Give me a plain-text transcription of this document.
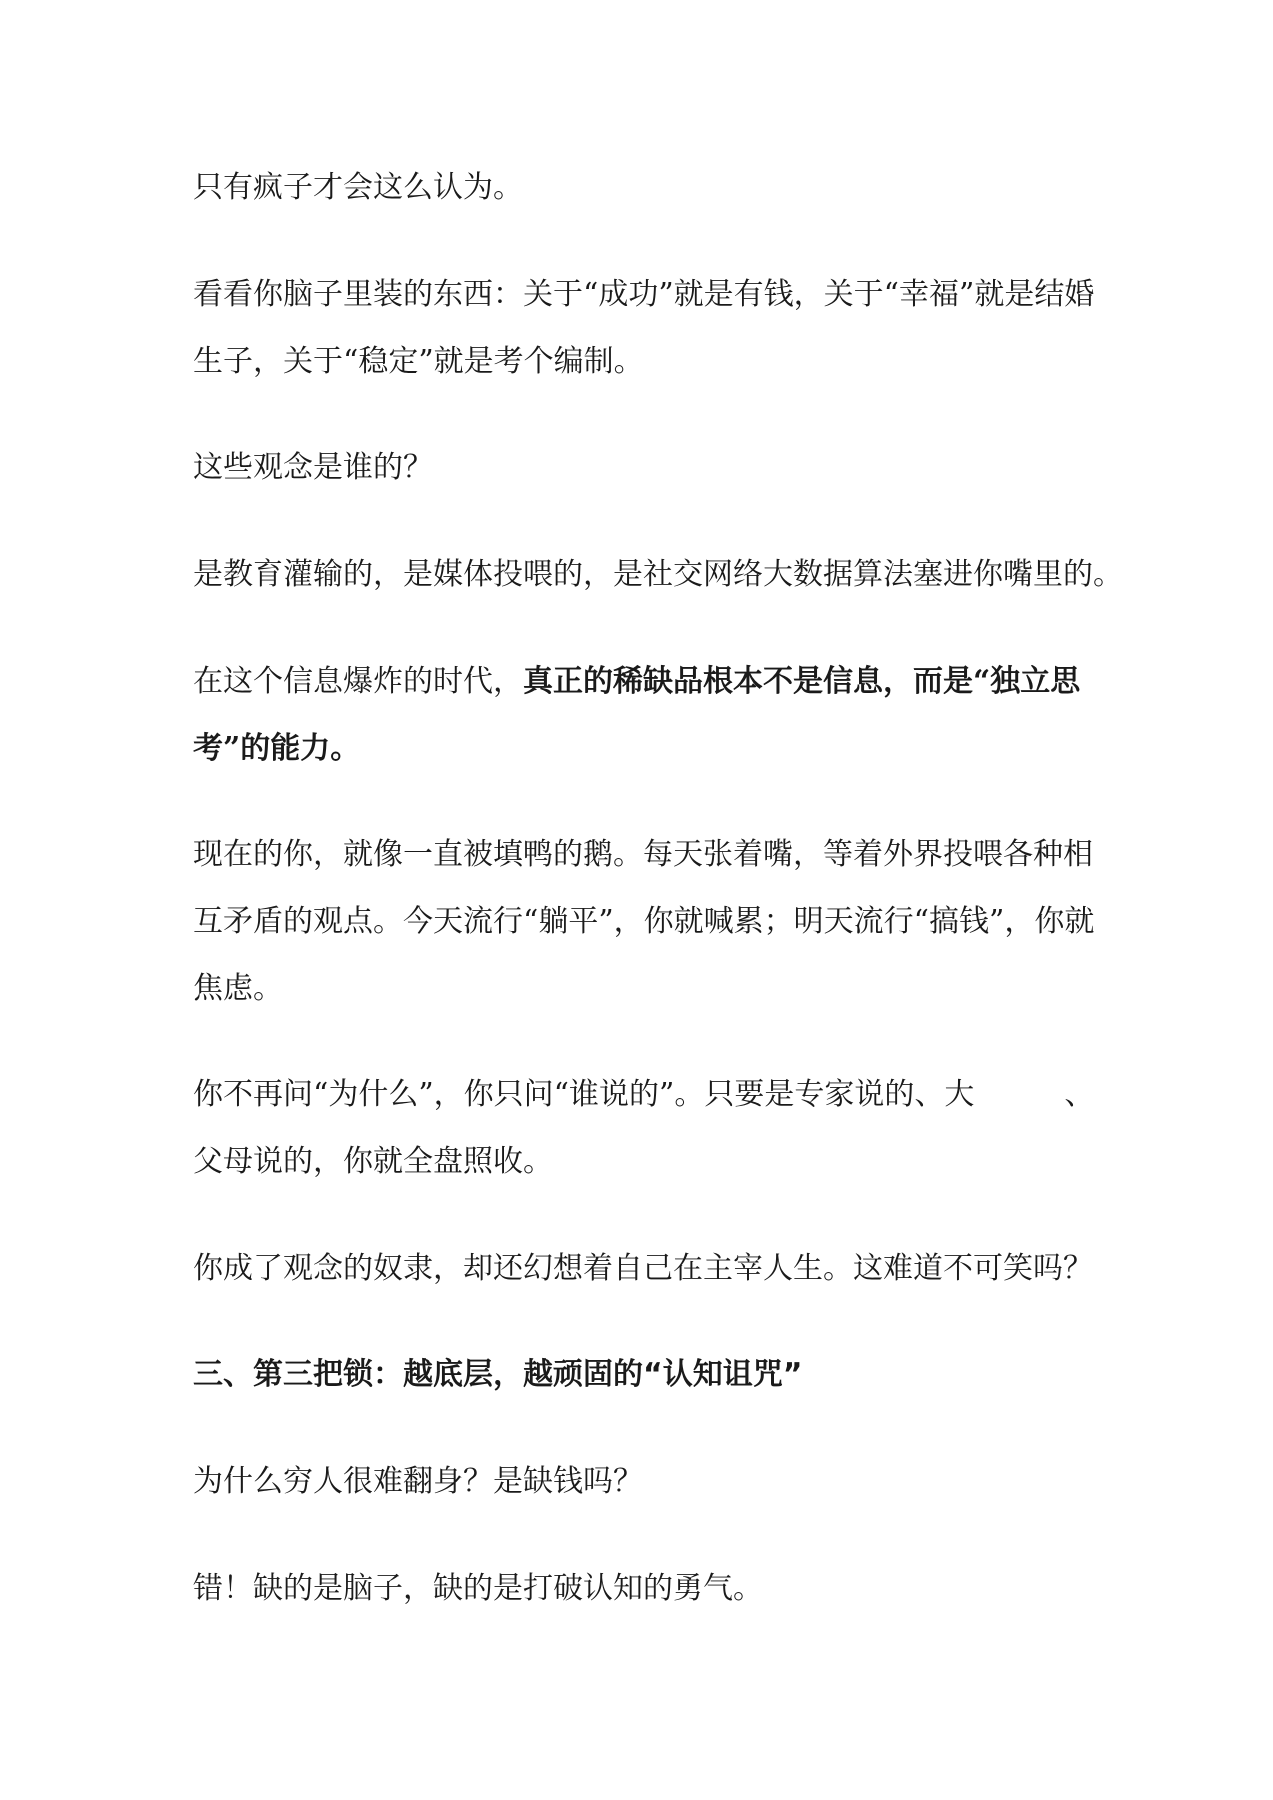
只有疯子才会这么认为。
看看你脑子里装的东西：关于“成功”就是有钱，关于“幸福”就是结婚
生子，关于“稳定”就是考个编制。
这些观念是谁的？
是教育灌输的，是媒体投喂的，是社交网络大数据算法塞进你嘴里的。
在这个信息爆炸的时代，真正的稀缺品根本不是信息，而是“独立思
考”的能力。
现在的你，就像一直被填鸭的鹅。每天张着嘴，等着外界投喂各种相
互矛盾的观点。今天流行“躺平”，你就喊累；明天流行“搞钱”，你就
焦虑。
你不再问“为什么”，你只问“谁说的”。只要是专家说的、大　　　、
父母说的，你就全盘照收。
你成了观念的奴隶，却还幻想着自己在主宰人生。这难道不可笑吗？
三、第三把锁：越底层，越顽固的“认知诅咒”
为什么穷人很难翻身？是缺钱吗？
错！缺的是脑子，缺的是打破认知的勇气。
